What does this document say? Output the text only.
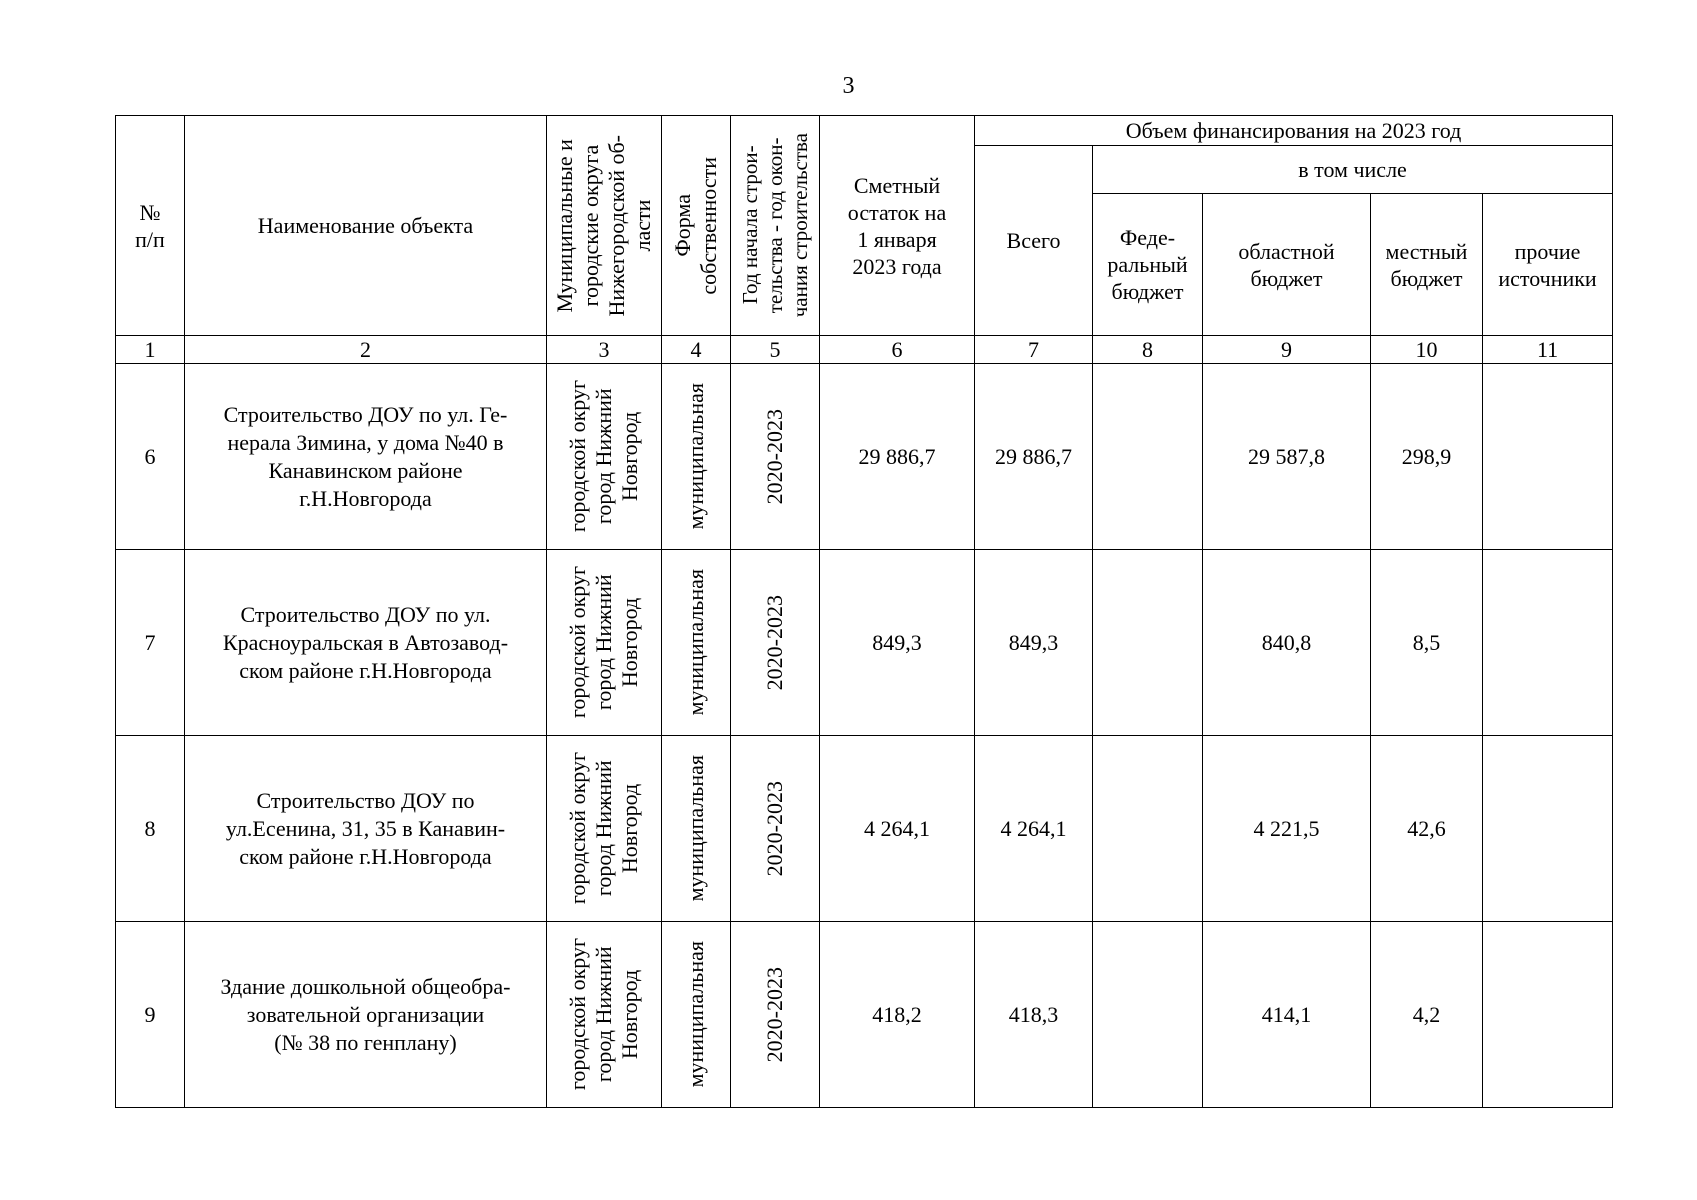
3
№
п/п	Наименование объекта	Муниципальные и
городские округа
Нижегородской об-
ласти	Форма
собственности	Год начала строи-
тельства - год окон-
чания строительства	Сметный
остаток на
1 января
2023 года	Объем финансирования на 2023 год				
						Всего	в том числе			

							Феде-
ральный
бюджет	областной
бюджет	местный
бюджет	прочие
источники

1	2	3	4	5	6	7	8	9	10	11
6	Строительство ДОУ по ул. Ге-
нерала Зимина, у дома №40 в
Канавинском районе
г.Н.Новгорода	городской округ
город Нижний
Новгород	муниципальная	2020-2023	29 886,7	29 886,7		29 587,8	298,9	
7	Строительство ДОУ по ул.
Красноуральская в Автозавод-
ском районе г.Н.Новгорода	городской округ
город Нижний
Новгород	муниципальная	2020-2023	849,3	849,3		840,8	8,5	
8	Строительство ДОУ по
ул.Есенина, 31, 35 в Канавин-
ском районе г.Н.Новгорода	городской округ
город Нижний
Новгород	муниципальная	2020-2023	4 264,1	4 264,1		4 221,5	42,6	
9	Здание дошкольной общеобра-
зовательной организации
(№ 38 по генплану)	городской округ
город Нижний
Новгород	муниципальная	2020-2023	418,2	418,3		414,1	4,2	
